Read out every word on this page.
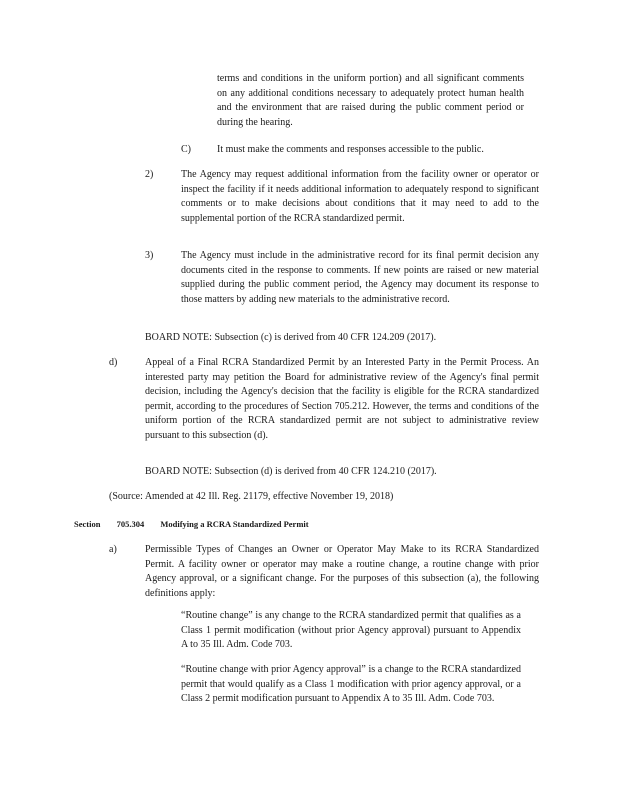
terms and conditions in the uniform portion) and all significant comments on any additional conditions necessary to adequately protect human health and the environment that are raised during the public comment period or during the hearing.

C)	It must make the comments and responses accessible to the public.

2)	The Agency may request additional information from the facility owner or operator or inspect the facility if it needs additional information to adequately respond to significant comments or to make decisions about conditions that it may need to add to the supplemental portion of the RCRA standardized permit.

3)	The Agency must include in the administrative record for its final permit decision any documents cited in the response to comments. If new points are raised or new material supplied during the public comment period, the Agency may document its response to those matters by adding new materials to the administrative record.

BOARD NOTE: Subsection (c) is derived from 40 CFR 124.209 (2017).
d)	Appeal of a Final RCRA Standardized Permit by an Interested Party in the Permit Process. An interested party may petition the Board for administrative review of the Agency's final permit decision, including the Agency's decision that the facility is eligible for the RCRA standardized permit, according to the procedures of Section 705.212. However, the terms and conditions of the uniform portion of the RCRA standardized permit are not subject to administrative review pursuant to this subsection (d).

BOARD NOTE: Subsection (d) is derived from 40 CFR 124.210 (2017).
(Source: Amended at 42 Ill. Reg. 21179, effective November 19, 2018)
Section 705.304 Modifying a RCRA Standardized Permit
a)	Permissible Types of Changes an Owner or Operator May Make to its RCRA Standardized Permit. A facility owner or operator may make a routine change, a routine change with prior Agency approval, or a significant change. For the purposes of this subsection (a), the following definitions apply:

“Routine change” is any change to the RCRA standardized permit that qualifies as a Class 1 permit modification (without prior Agency approval) pursuant to Appendix A to 35 Ill. Adm. Code 703.

“Routine change with prior Agency approval” is a change to the RCRA standardized permit that would qualify as a Class 1 modification with prior agency approval, or a Class 2 permit modification pursuant to Appendix A to 35 Ill. Adm. Code 703.
